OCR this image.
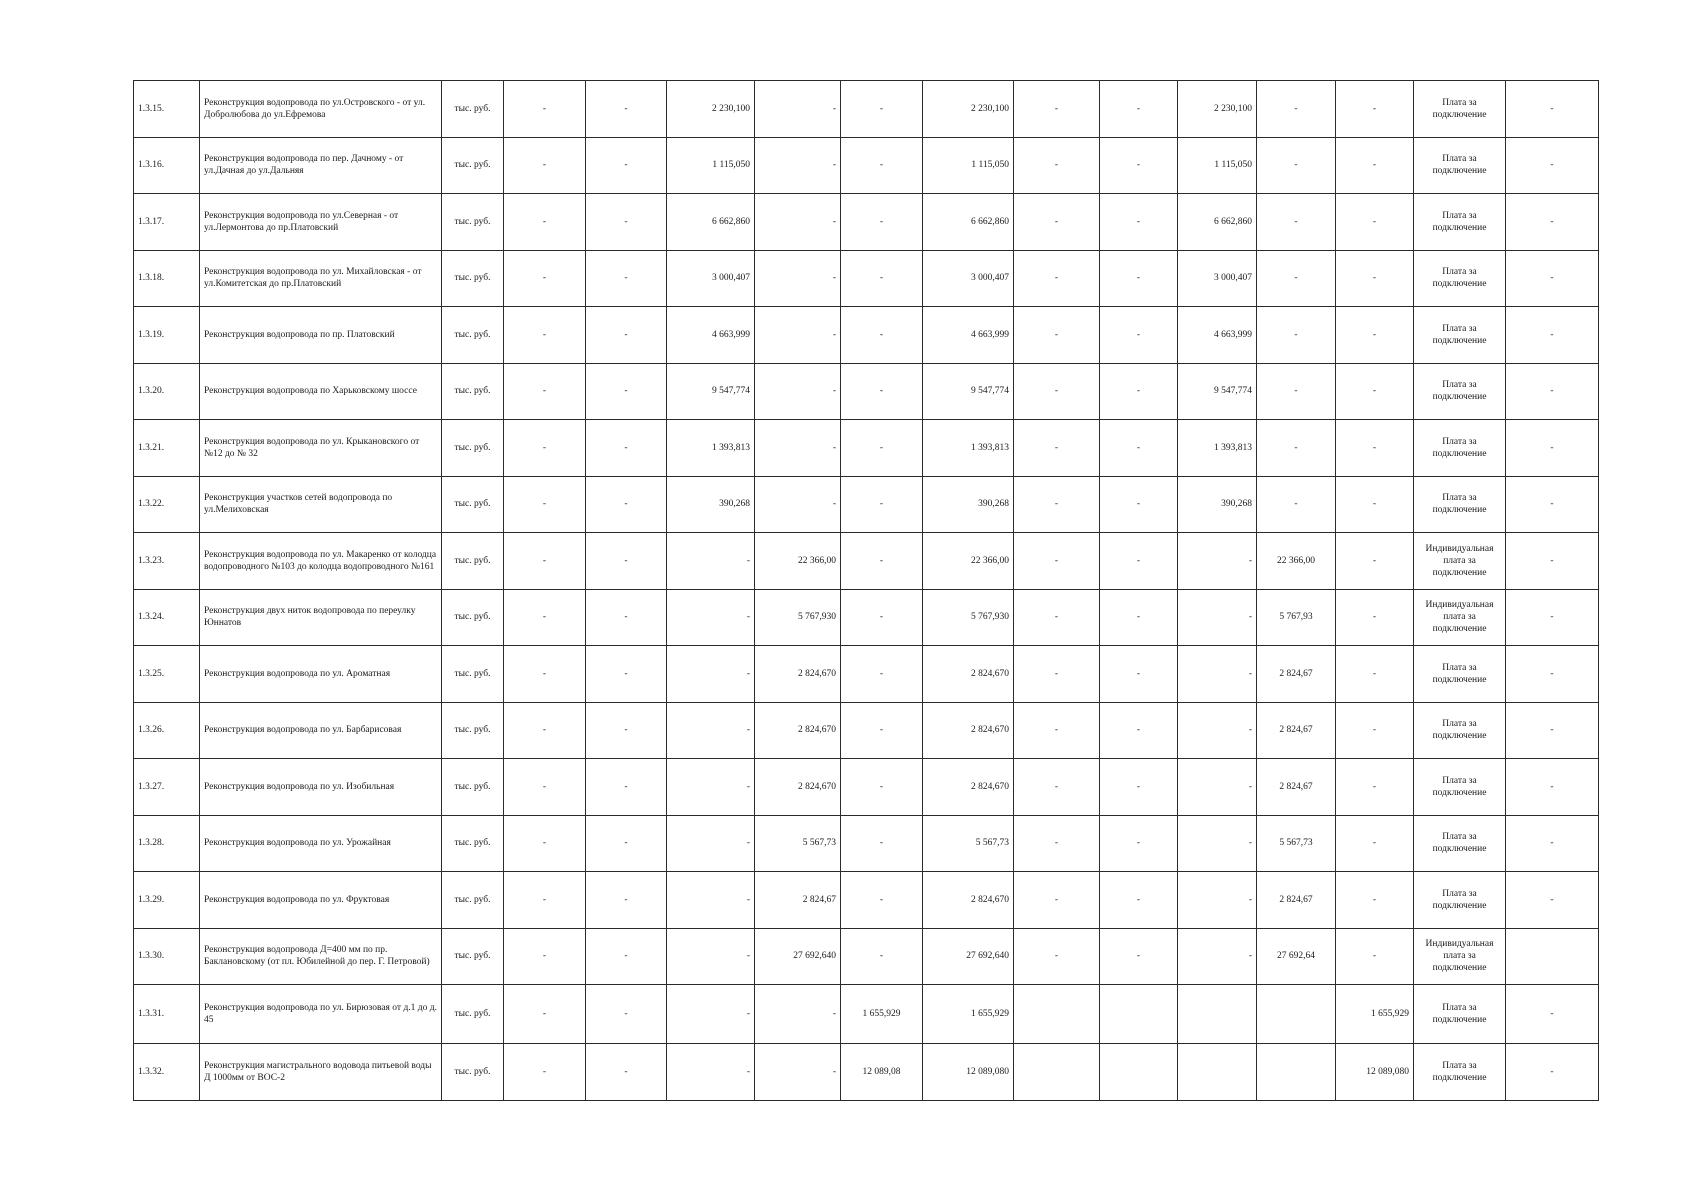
1.3.15.	Реконструкция водопровода по ул.Островского - от ул. Добролюбова до ул.Ефремова	тыс. руб.	-	-	2 230,100	-	-	2 230,100	-	-	2 230,100	-	-	Плата за подключение	-
1.3.16.	Реконструкция водопровода по пер. Дачному - от ул.Дачная до ул.Дальняя	тыс. руб.	-	-	1 115,050	-	-	1 115,050	-	-	1 115,050	-	-	Плата за подключение	-
1.3.17.	Реконструкция водопровода по ул.Северная - от ул.Лермонтова до пр.Платовский	тыс. руб.	-	-	6 662,860	-	-	6 662,860	-	-	6 662,860	-	-	Плата за подключение	-
1.3.18.	Реконструкция водопровода по ул. Михайловская - от ул.Комитетская до пр.Платовский	тыс. руб.	-	-	3 000,407	-	-	3 000,407	-	-	3 000,407	-	-	Плата за подключение	-
1.3.19.	Реконструкция водопровода по пр. Платовский	тыс. руб.	-	-	4 663,999	-	-	4 663,999	-	-	4 663,999	-	-	Плата за подключение	-
1.3.20.	Реконструкция водопровода по Харьковскому шоссе	тыс. руб.	-	-	9 547,774	-	-	9 547,774	-	-	9 547,774	-	-	Плата за подключение	-
1.3.21.	Реконструкция водопровода по ул. Крыкановского от №12 до № 32	тыс. руб.	-	-	1 393,813	-	-	1 393,813	-	-	1 393,813	-	-	Плата за подключение	-
1.3.22.	Реконструкция участков сетей водопровода по ул.Мелиховская	тыс. руб.	-	-	390,268	-	-	390,268	-	-	390,268	-	-	Плата за подключение	-
1.3.23.	Реконструкция водопровода по ул. Макаренко от колодца водопроводного №103 до колодца водопроводного №161	тыс. руб.	-	-	-	22 366,00	-	22 366,00	-	-	-	22 366,00	-	Индивидуальная плата за подключение	-
1.3.24.	Реконструкция двух ниток водопровода по переулку Юннатов	тыс. руб.	-	-	-	5 767,930	-	5 767,930	-	-	-	5 767,93	-	Индивидуальная плата за подключение	-
1.3.25.	Реконструкция водопровода по ул. Ароматная	тыс. руб.	-	-	-	2 824,670	-	2 824,670	-	-	-	2 824,67	-	Плата за подключение	-
1.3.26.	Реконструкция водопровода по ул. Барбарисовая	тыс. руб.	-	-	-	2 824,670	-	2 824,670	-	-	-	2 824,67	-	Плата за подключение	-
1.3.27.	Реконструкция водопровода по ул. Изобильная	тыс. руб.	-	-	-	2 824,670	-	2 824,670	-	-	-	2 824,67	-	Плата за подключение	-
1.3.28.	Реконструкция водопровода по ул. Урожайная	тыс. руб.	-	-	-	5 567,73	-	5 567,73	-	-	-	5 567,73	-	Плата за подключение	-
1.3.29.	Реконструкция водопровода по ул. Фруктовая	тыс. руб.	-	-	-	2 824,67	-	2 824,670	-	-	-	2 824,67	-	Плата за подключение	-
1.3.30.	Реконструкция водопровода Д=400 мм по пр. Баклановскому (от пл. Юбилейной до пер. Г. Петровой)	тыс. руб.	-	-	-	27 692,640	-	27 692,640	-	-	-	27 692,64	-	Индивидуальная плата за подключение	
1.3.31.	Реконструкция водопровода по ул. Бирюзовая от д.1 до д. 45	тыс. руб.	-	-	-	-	1 655,929	1 655,929					1 655,929	Плата за подключение	-
1.3.32.	Реконструкция магистрального водовода питьевой воды Д 1000мм от ВОС-2	тыс. руб.	-	-	-	-	12 089,08	12 089,080					12 089,080	Плата за подключение	-
